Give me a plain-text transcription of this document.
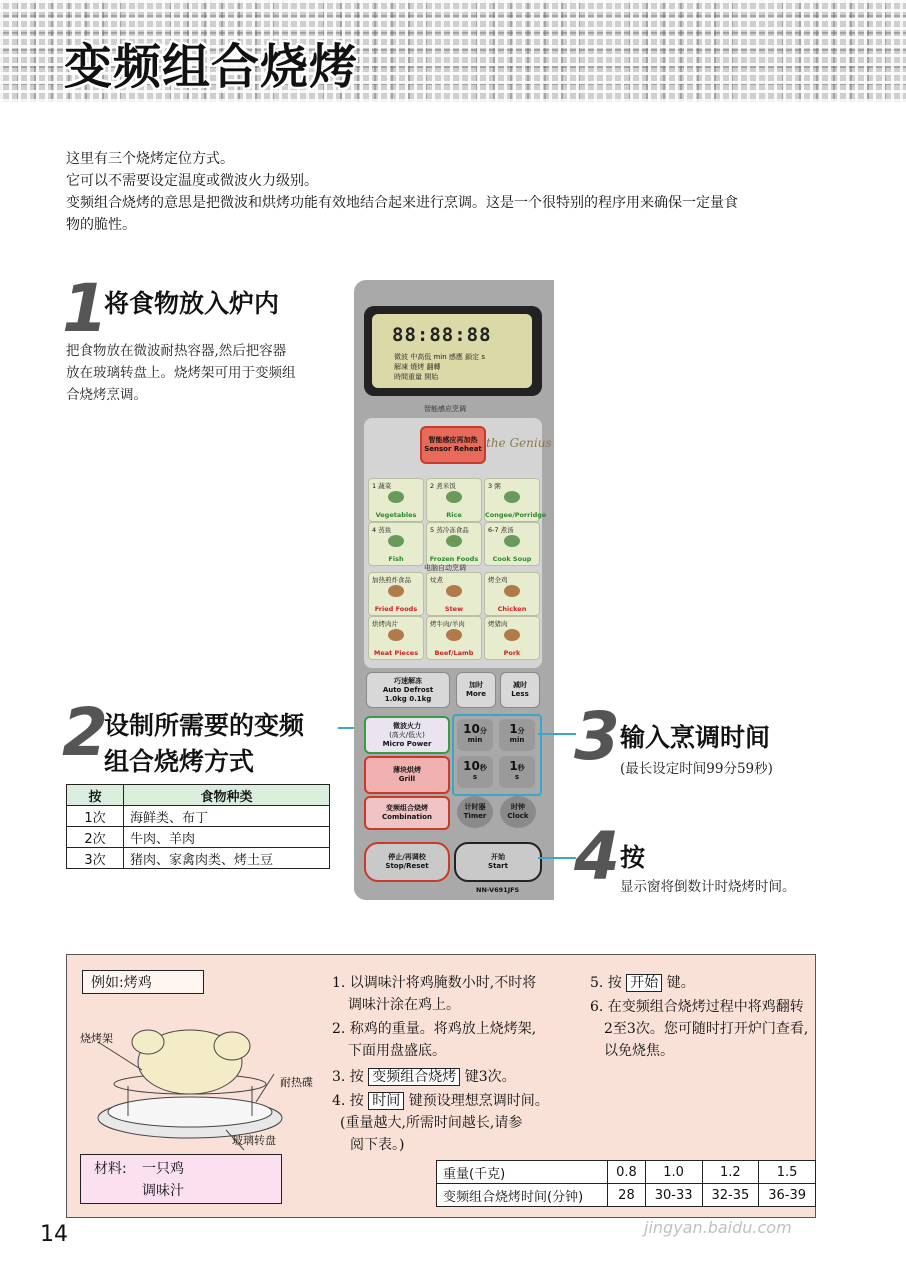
变频组合烧烤
这里有三个烧烤定位方式。
它可以不需要设定温度或微波火力级别。
变频组合烧烤的意思是把微波和烘烤功能有效地结合起来进行烹调。这是一个很特别的程序用来确保一定量食
物的脆性。
1
将食物放入炉内
把食物放在微波耐热容器,然后把容器
放在玻璃转盘上。烧烤架可用于变频组
合烧烤烹调。
2
设制所需要的变频
组合烧烤方式
按	食物种类
1次	海鲜类、布丁
2次	牛肉、羊肉
3次	猪肉、家禽肉类、烤土豆
88:88:88
微波 中高低 min 感應 鎖定 s
解凍 燒烤 翻轉
時間重量 開始
智能感应烹调
智能感应再加热
Sensor Reheat the Genius
1 蔬菜
Vegetables
2 煮米饭
Rice
3 粥
Congee/Porridge
4 蒸鱼
Fish
5 蒸冷冻食品
Frozen Foods
6-7 煮汤
Cook Soup
加热煎炸食品
Fried Foods
炆煮
Stew
烤全鸡
Chicken
烘烤肉片
Meat Pieces
烤牛肉/羊肉
Beef/Lamb
烤猪肉
Pork
电脑自动烹调
巧速解冻
Auto Defrost
1.0kg 0.1kg
加时
More
减时
Less
微波火力
(高火/低火)
Micro Power
薄块烘烤
Grill
变频组合烧烤
Combination
10分
min
1分
min
10秒
s
1秒
s
计时器
Timer
时钟
Clock
停止/再调校
Stop/Reset
开始
Start
NN-V691JFS
3 输入烹调时间
(最长设定时间99分59秒)
4 按
显示窗将倒数计时烧烤时间。
例如:烤鸡
烧烤架
耐热碟
玻璃转盘
材料: 一只鸡
调味汁
1. 以调味汁将鸡腌数小时,不时将
调味汁涂在鸡上。
2. 称鸡的重量。将鸡放上烧烤架,
下面用盘盛底。
3. 按 变频组合烧烤 键3次。
4. 按 时间 键预设理想烹调时间。
(重量越大,所需时间越长,请参
阅下表。)
5. 按 开始 键。
6. 在变频组合烧烤过程中将鸡翻转
2至3次。您可随时打开炉门查看,
以免烧焦。
重量(千克)	0.8	1.0	1.2	1.5
变频组合烧烤时间(分钟)	28	30-33	32-35	36-39
14	jingyan.baidu.com
